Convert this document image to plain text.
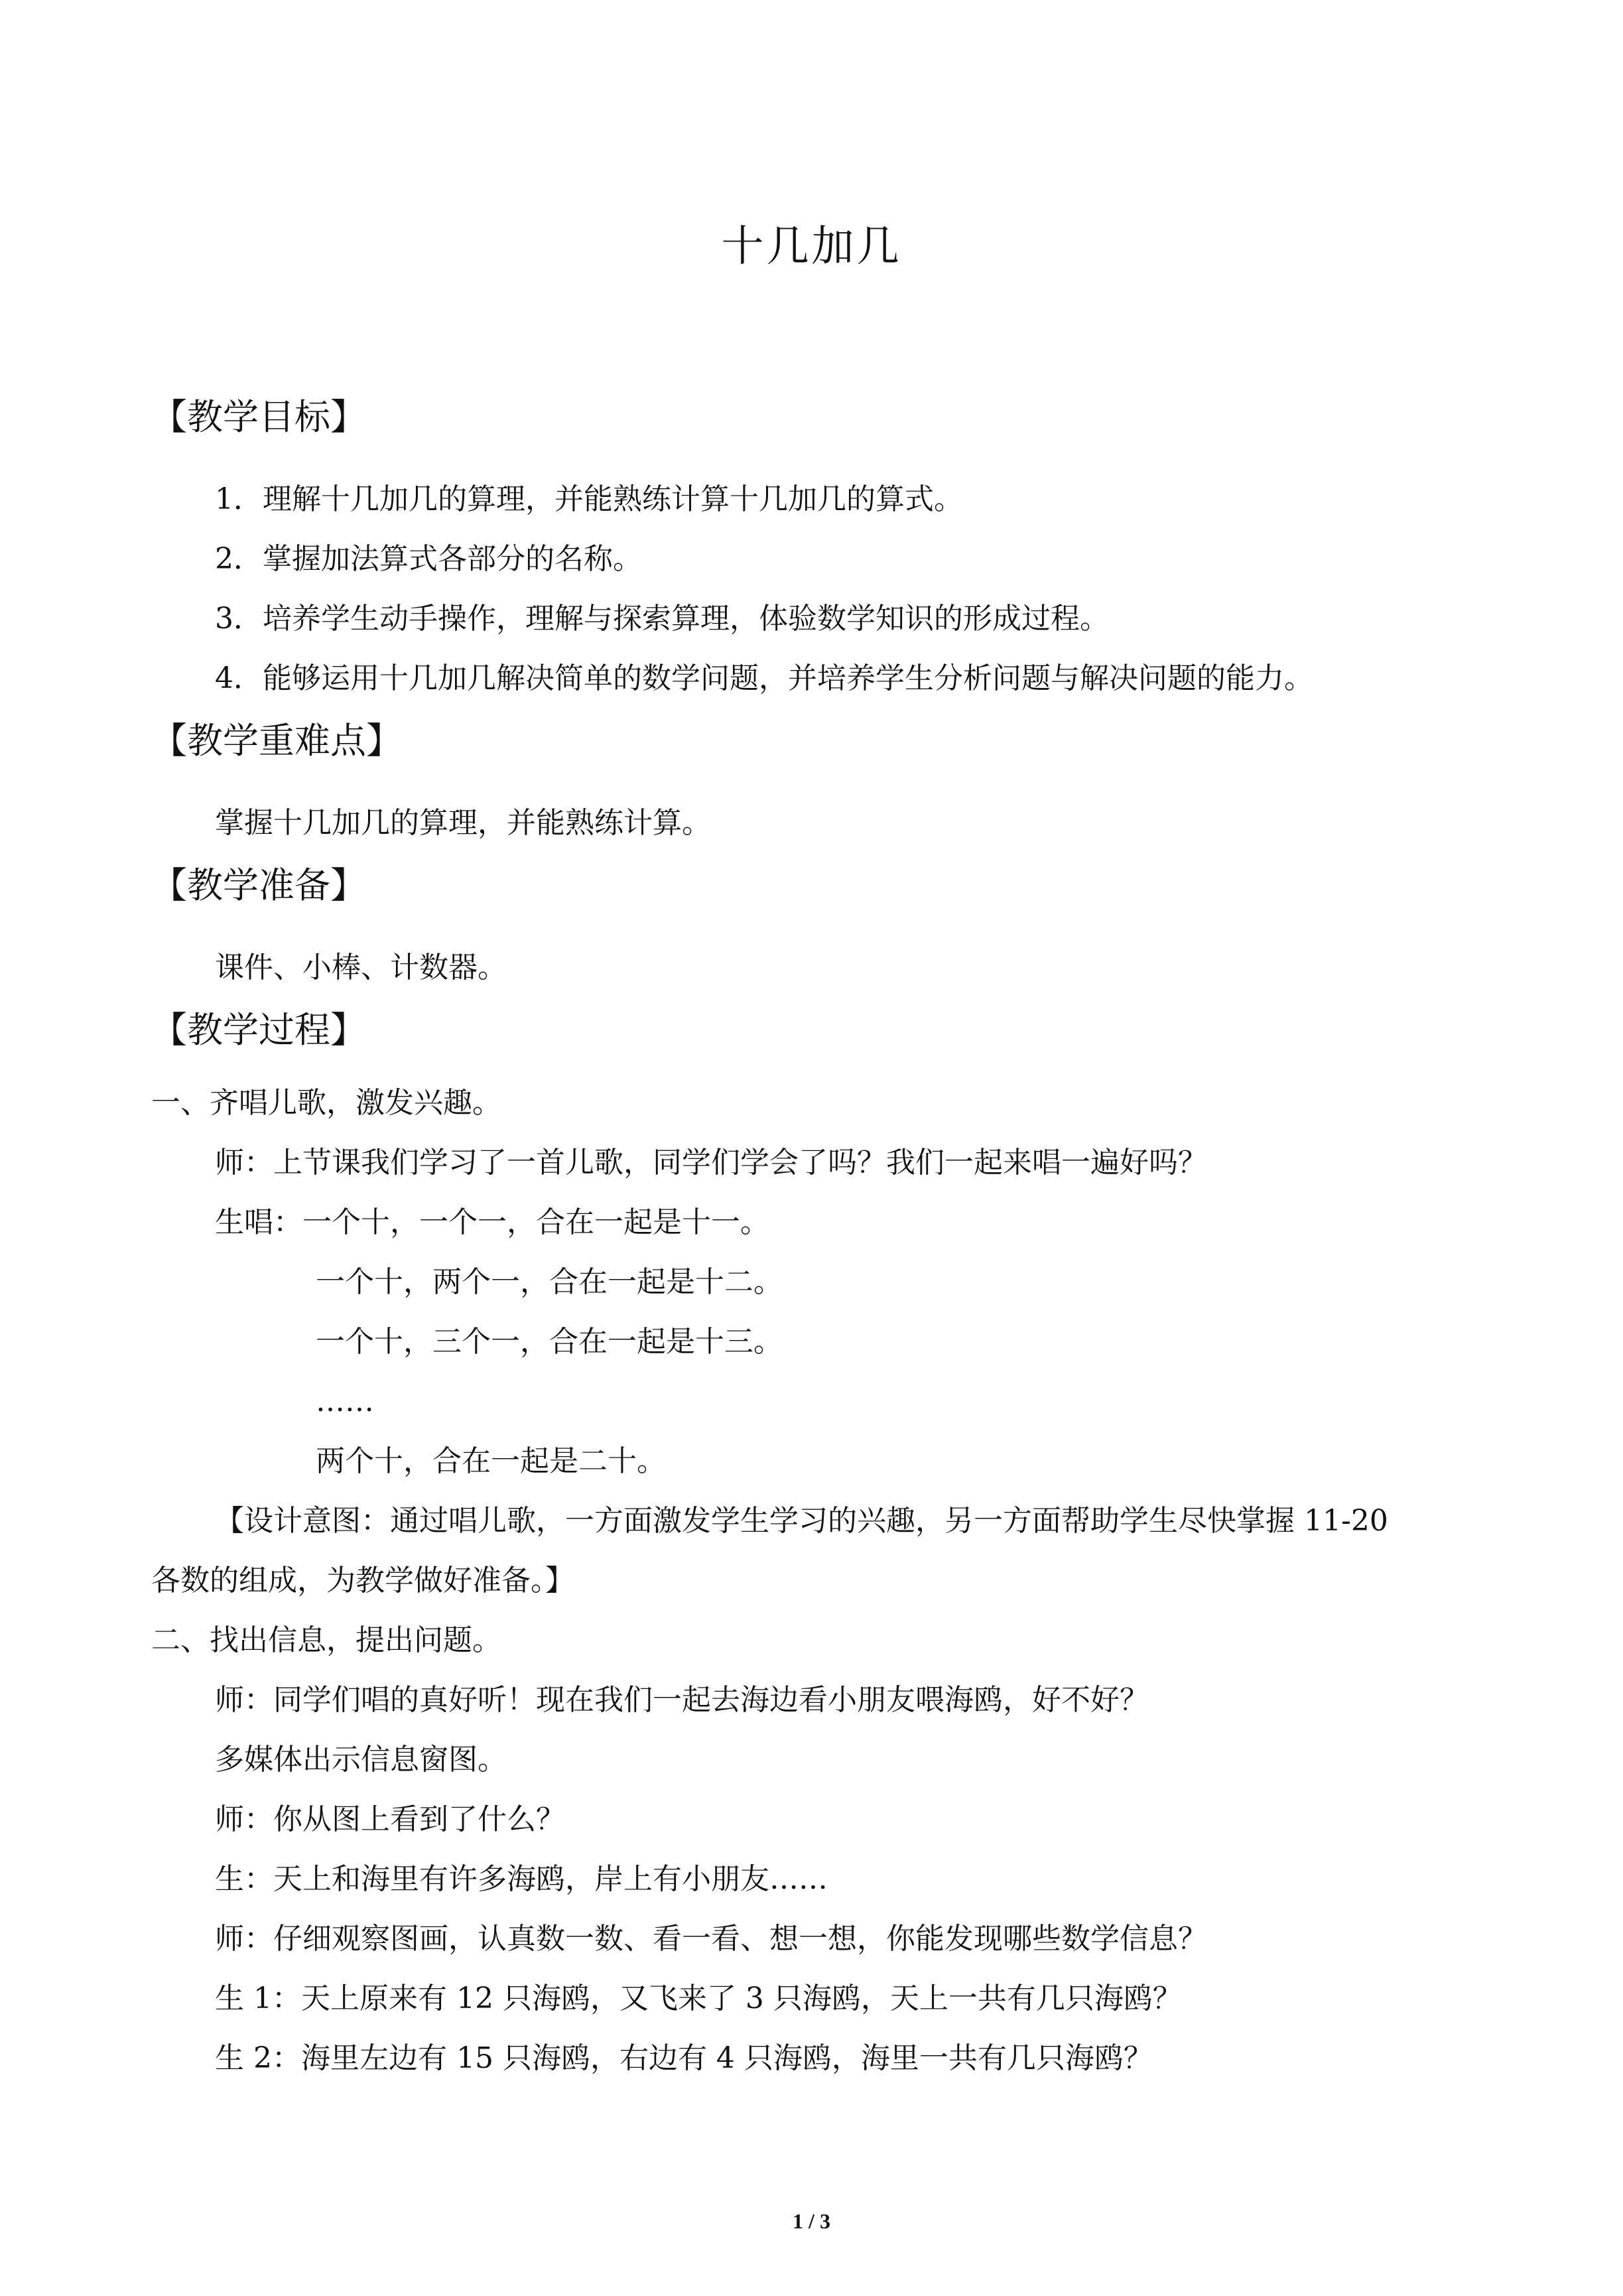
十几加几
【教学目标】
1．理解十几加几的算理，并能熟练计算十几加几的算式。
2．掌握加法算式各部分的名称。
3．培养学生动手操作，理解与探索算理，体验数学知识的形成过程。
4．能够运用十几加几解决简单的数学问题，并培养学生分析问题与解决问题的能力。
【教学重难点】
掌握十几加几的算理，并能熟练计算。
【教学准备】
课件、小棒、计数器。
【教学过程】
一、齐唱儿歌，激发兴趣。
师：上节课我们学习了一首儿歌，同学们学会了吗？我们一起来唱一遍好吗？
生唱：一个十，一个一，合在一起是十一。
一个十，两个一，合在一起是十二。
一个十，三个一，合在一起是十三。
……
两个十，合在一起是二十。
【设计意图：通过唱儿歌，一方面激发学生学习的兴趣，另一方面帮助学生尽快掌握 11-20
各数的组成，为教学做好准备。】
二、找出信息，提出问题。
师：同学们唱的真好听！现在我们一起去海边看小朋友喂海鸥，好不好？
多媒体出示信息窗图。
师：你从图上看到了什么？
生：天上和海里有许多海鸥，岸上有小朋友……
师：仔细观察图画，认真数一数、看一看、想一想，你能发现哪些数学信息？
生 1：天上原来有 12 只海鸥，又飞来了 3 只海鸥，天上一共有几只海鸥？
生 2：海里左边有 15 只海鸥，右边有 4 只海鸥，海里一共有几只海鸥？
1 / 3
